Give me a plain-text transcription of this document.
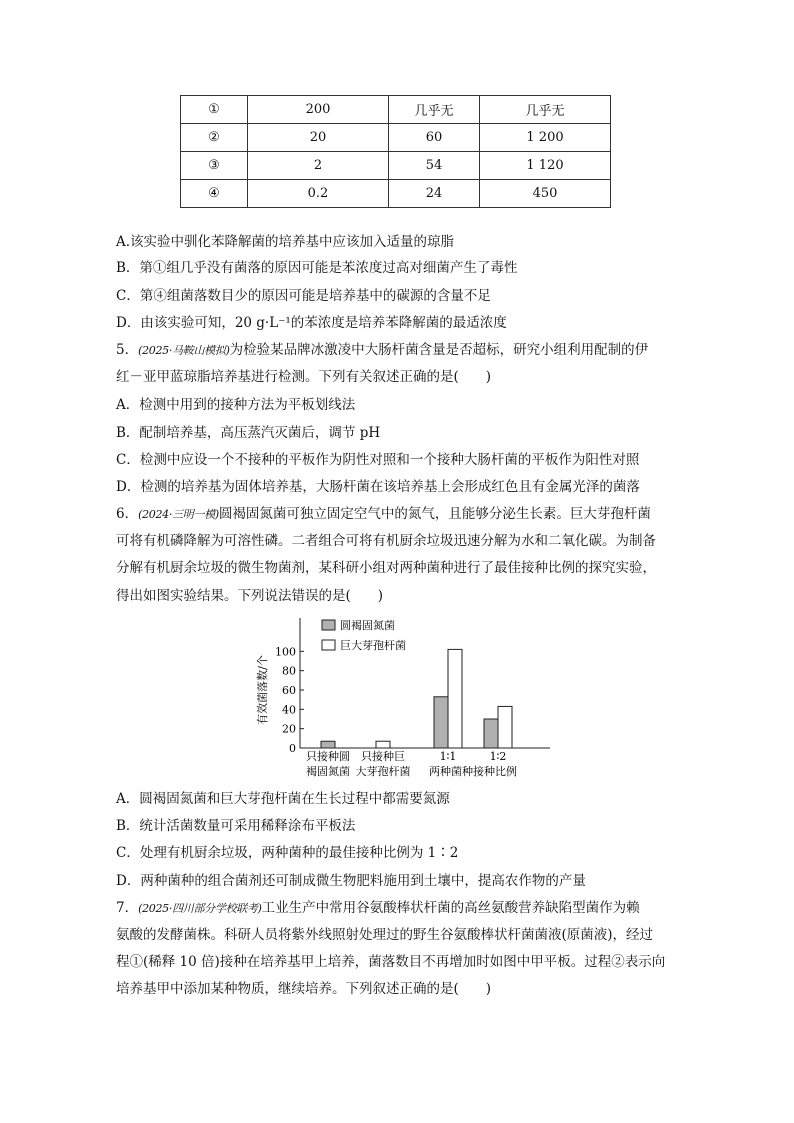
①	200	几乎无	几乎无
②	20	60	1 200
③	2	54	1 120
④	0.2	24	450
A.该实验中驯化苯降解菌的培养基中应该加入适量的琼脂
B．第①组几乎没有菌落的原因可能是苯浓度过高对细菌产生了毒性
C．第④组菌落数目少的原因可能是培养基中的碳源的含量不足
D．由该实验可知，20 g·L⁻¹的苯浓度是培养苯降解菌的最适浓度
5．(2025·马鞍山模拟)为检验某品牌冰激凌中大肠杆菌含量是否超标，研究小组利用配制的伊
红－亚甲蓝琼脂培养基进行检测。下列有关叙述正确的是(　　)
A．检测中用到的接种方法为平板划线法
B．配制培养基，高压蒸汽灭菌后，调节 pH
C．检测中应设一个不接种的平板作为阴性对照和一个接种大肠杆菌的平板作为阳性对照
D．检测的培养基为固体培养基，大肠杆菌在该培养基上会形成红色且有金属光泽的菌落
6．(2024·三明一模)圆褐固氮菌可独立固定空气中的氮气，且能够分泌生长素。巨大芽孢杆菌
可将有机磷降解为可溶性磷。二者组合可将有机厨余垃圾迅速分解为水和二氧化碳。为制备
分解有机厨余垃圾的微生物菌剂，某科研小组对两种菌种进行了最佳接种比例的探究实验，
得出如图实验结果。下列说法错误的是(　　)
0
20
40
60
80
100
有效菌落数/个
只接种圆
褐固氮菌
只接种巨
大芽孢杆菌
1∶1	1∶2
两种菌种接种比例
圆褐固氮菌
巨大芽孢杆菌
A．圆褐固氮菌和巨大芽孢杆菌在生长过程中都需要氮源
B．统计活菌数量可采用稀释涂布平板法
C．处理有机厨余垃圾，两种菌种的最佳接种比例为 1∶2
D．两种菌种的组合菌剂还可制成微生物肥料施用到土壤中，提高农作物的产量
7．(2025·四川部分学校联考)工业生产中常用谷氨酸棒状杆菌的高丝氨酸营养缺陷型菌作为赖
氨酸的发酵菌株。科研人员将紫外线照射处理过的野生谷氨酸棒状杆菌菌液(原菌液)，经过
程①(稀释 10 倍)接种在培养基甲上培养，菌落数目不再增加时如图中甲平板。过程②表示向
培养基甲中添加某种物质，继续培养。下列叙述正确的是(　　)
